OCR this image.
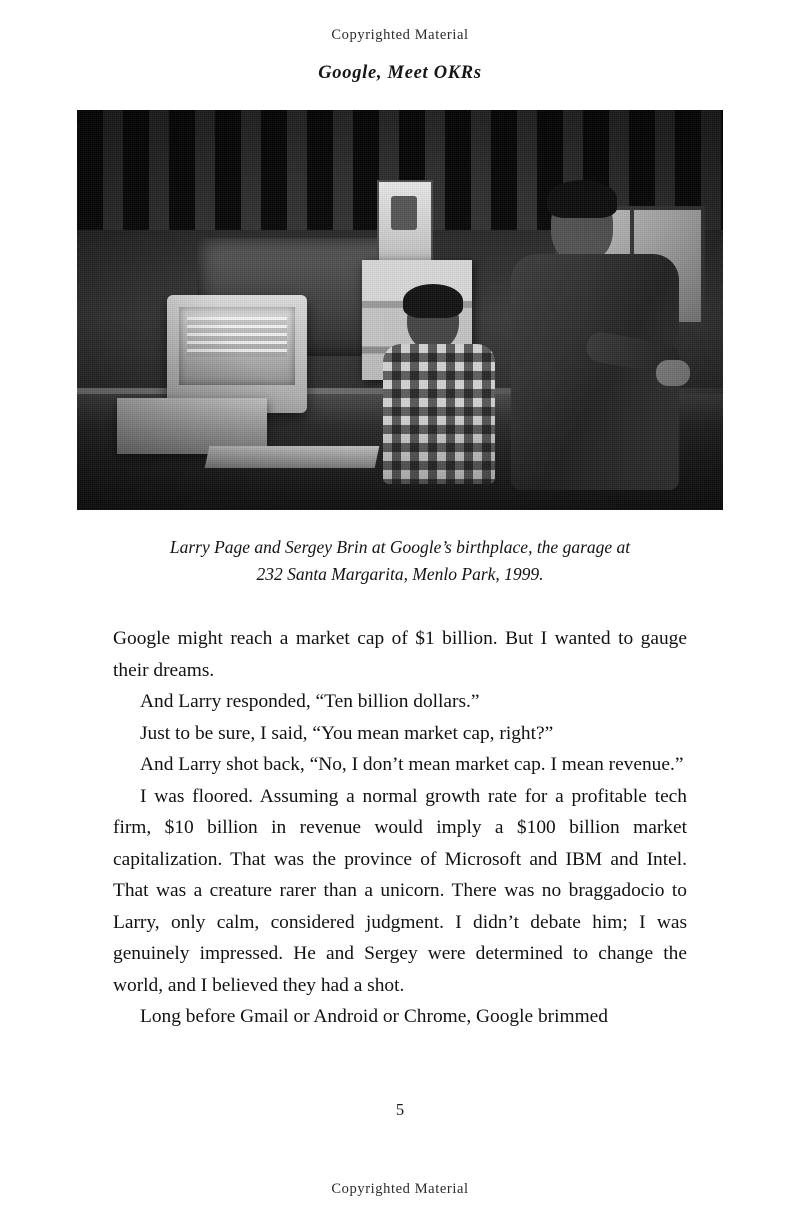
Copyrighted Material
Google, Meet OKRs
Larry Page and Sergey Brin at Google’s birthplace, the garage at
232 Santa Margarita, Menlo Park, 1999.

Google might reach a market cap of $1 billion. But I wanted to gauge their dreams.

And Larry responded, “Ten billion dollars.”

Just to be sure, I said, “You mean market cap, right?”

And Larry shot back, “No, I don’t mean market cap. I mean revenue.”

I was floored. Assuming a normal growth rate for a profitable tech firm, $10 billion in revenue would imply a $100 billion market capitalization. That was the province of Microsoft and IBM and Intel. That was a creature rarer than a unicorn. There was no braggadocio to Larry, only calm, considered judgment. I didn’t debate him; I was genuinely impressed. He and Sergey were determined to change the world, and I believed they had a shot.

Long before Gmail or Android or Chrome, Google brimmed

5
Copyrighted Material
